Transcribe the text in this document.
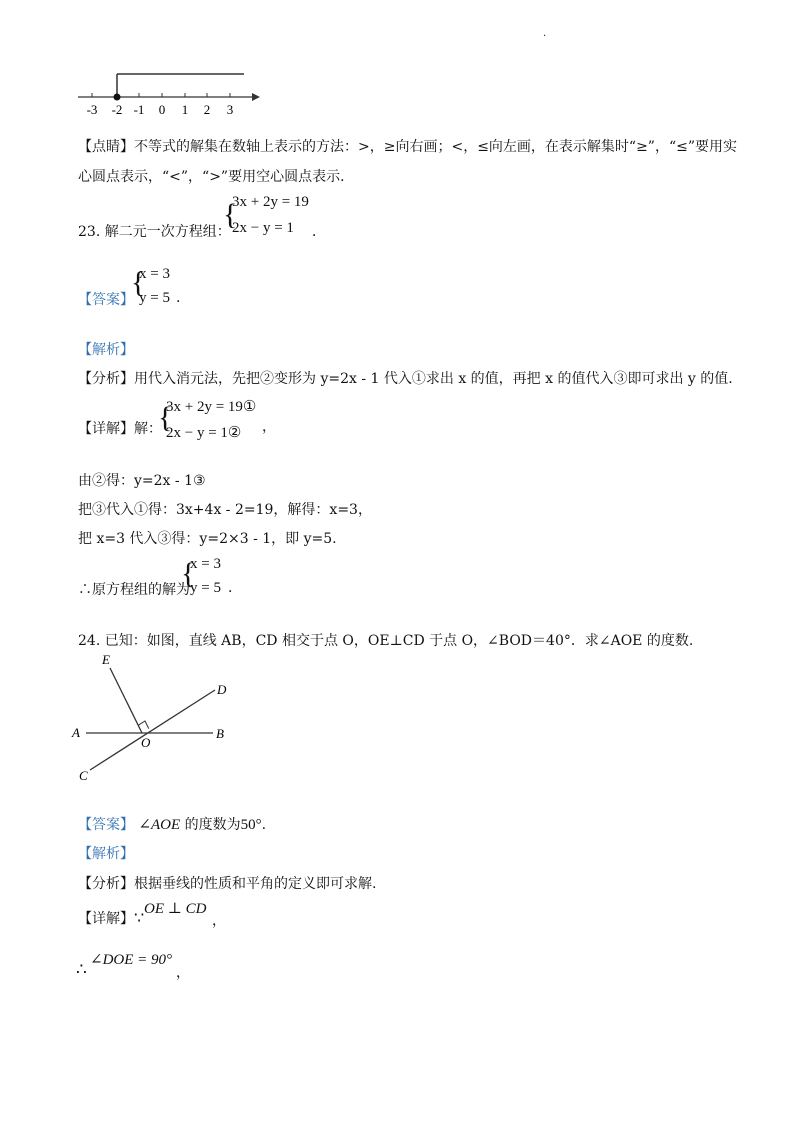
.
-3 -2 -1 0 1 2 3
【点睛】不等式的解集在数轴上表示的方法：>，≥向右画；<，≤向左画，在表示解集时“≥”，“≤”要用实
心圆点表示，“<”，“>”要用空心圆点表示．
23. 解二元一次方程组：
{
3x + 2y = 19
2x − y = 1 ．
【答案】
{
x = 3
y = 5 .
【解析】
【分析】用代入消元法，先把②变形为 y=2x - 1 代入①求出 x 的值，再把 x 的值代入③即可求出 y 的值.
【详解】解：
{
3x + 2y = 19①
2x − y = 1② ，
由②得：y=2x - 1③
把③代入①得：3x+4x - 2=19，解得：x=3，
把 x=3 代入③得：y=2×3 - 1，即 y=5.
∴原方程组的解为
{
x = 3
y = 5 .
24. 已知：如图，直线 AB，CD 相交于点 O，OE⊥CD 于点 O，∠BOD＝40°．求∠AOE 的度数.
E
D
A
O
B
C
【答案】 ∠AOE 的度数为50°.
【解析】
【分析】根据垂线的性质和平角的定义即可求解.
【详解】∵ OE ⊥ CD
，
∴ ∠DOE = 90°
，
